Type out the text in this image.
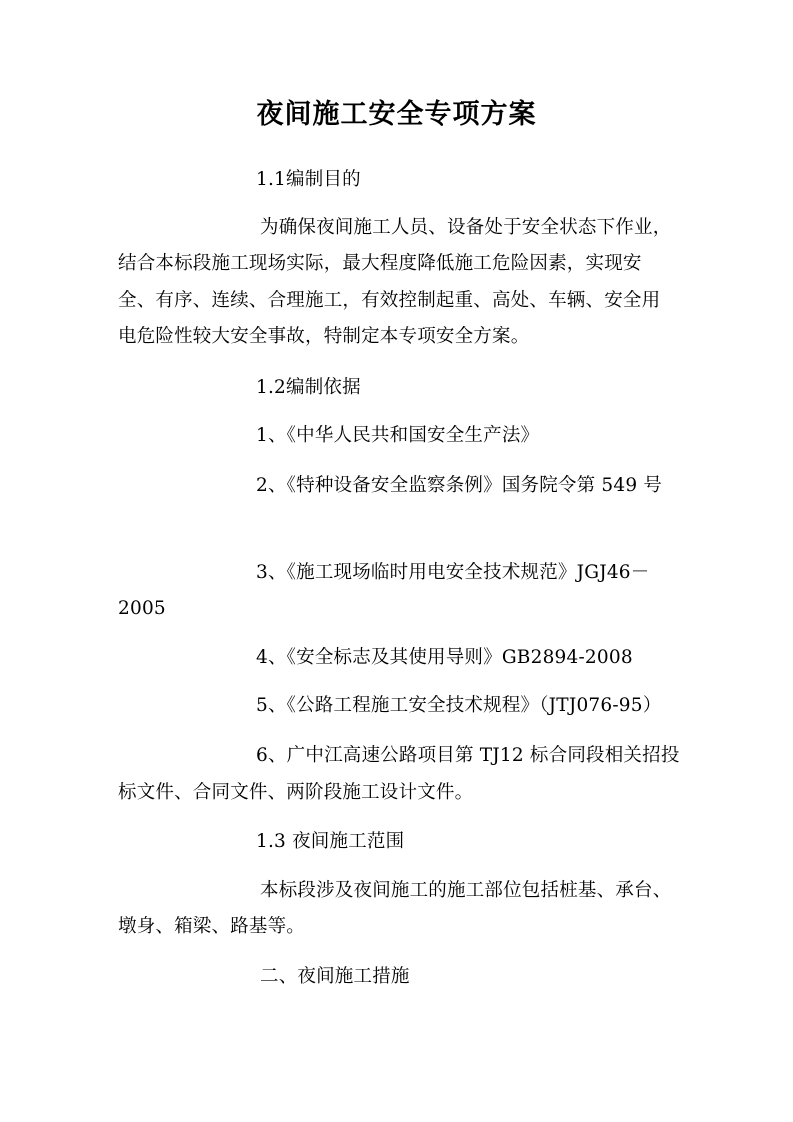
夜间施工安全专项方案
1.1编制目的
为确保夜间施工人员、设备处于安全状态下作业，
结合本标段施工现场实际，最大程度降低施工危险因素，实现安
全、有序、连续、合理施工，有效控制起重、高处、车辆、安全用
电危险性较大安全事故，特制定本专项安全方案。
1.2编制依据
1、《中华人民共和国安全生产法》
2、《特种设备安全监察条例》国务院令第 549 号
3、《施工现场临时用电安全技术规范》JGJ46－
2005
4、《安全标志及其使用导则》GB2894-2008
5、《公路工程施工安全技术规程》（JTJ076-95）
6、广中江高速公路项目第 TJ12 标合同段相关招投
标文件、合同文件、两阶段施工设计文件。
1.3 夜间施工范围
本标段涉及夜间施工的施工部位包括桩基、承台、
墩身、箱梁、路基等。
二、夜间施工措施
